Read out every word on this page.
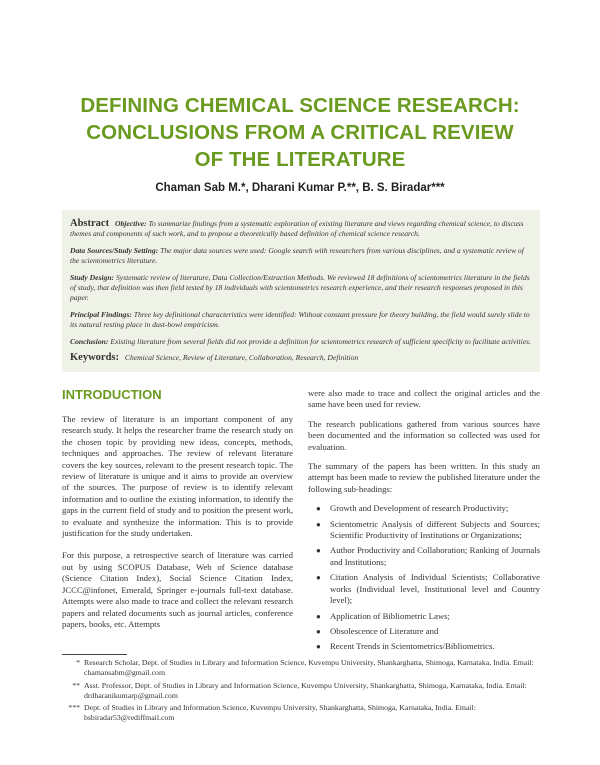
DEFINING CHEMICAL SCIENCE RESEARCH:
CONCLUSIONS FROM A CRITICAL REVIEW
OF THE LITERATURE
Chaman Sab M.*, Dharani Kumar P.**, B. S. Biradar***

Abstract Objective: To summarize findings from a systematic exploration of existing literature and views regarding chemical science, to discuss themes and components of such work, and to propose a theoretically based definition of chemical science research.

Data Sources/Study Setting: The major data sources were used: Google search with researchers from various disciplines, and a systematic review of the scientometrics literature.

Study Design: Systematic review of literature, Data Collection/Extraction Methods. We reviewed 18 definitions of scientometrics literature in the fields of study, that definition was then field tested by 18 individuals with scientometrics research experience, and their research responses proposed in this paper.

Principal Findings: Three key definitional characteristics were identified: Without constant pressure for theory building, the field would surely slide to its natural resting place in dust-bowl empiricism.

Conclusion: Existing literature from several fields did not provide a definition for scientometrics research of sufficient specificity to facilitate activities.

Keywords: Chemical Science, Review of Literature, Collaboration, Research, Definition
INTRODUCTION

The review of literature is an important component of any research study. It helps the researcher frame the research study on the chosen topic by providing new ideas, concepts, methods, techniques and approaches. The review of relevant literature covers the key sources, relevant to the present research topic. The review of literature is unique and it aims to provide an overview of the sources. The purpose of review is to identify relevant information and to outline the existing information, to identify the gaps in the current field of study and to position the present work, to evaluate and synthesize the information. This is to provide justification for the study undertaken.

For this purpose, a retrospective search of literature was carried out by using SCOPUS Database, Web of Science database (Science Citation Index), Social Science Citation Index, JCCC@infonet, Emerald, Springer e-journals full-text database. Attempts were also made to trace and collect the relevant research papers and related documents such as journal articles, conference papers, books, etc. Attempts

were also made to trace and collect the original articles and the same have been used for review.

The research publications gathered from various sources have been documented and the information so collected was used for evaluation.

The summary of the papers has been written. In this study an attempt has been made to review the published literature under the following sub-headings:

● Growth and Development of research Productivity;
● Scientometric Analysis of different Subjects and Sources; Scientific Productivity of Institutions or Organizations;
● Author Productivity and Collaboration; Ranking of Journals and Institutions;
● Citation Analysis of Individual Scientists; Collaborative works (Individual level, Institutional level and Country level);
● Application of Bibliometric Laws;
● Obsolescence of Literature and
● Recent Trends in Scientometrics/Bibliometrics.
* Research Scholar, Dept. of Studies in Library and Information Science, Kuvempu University, Shankarghatta, Shimoga, Karnataka, India. Email: chamansabm@gmail.com
** Asst. Professor, Dept. of Studies in Library and Information Science, Kuvempu University, Shankarghatta, Shimoga, Karnataka, India. Email: drdharanikumarp@gmail.com
*** Dept. of Studies in Library and Information Science, Kuvempu University, Shankarghatta, Shimoga, Karnataka, India. Email: bsbiradar53@rediffmail.com
